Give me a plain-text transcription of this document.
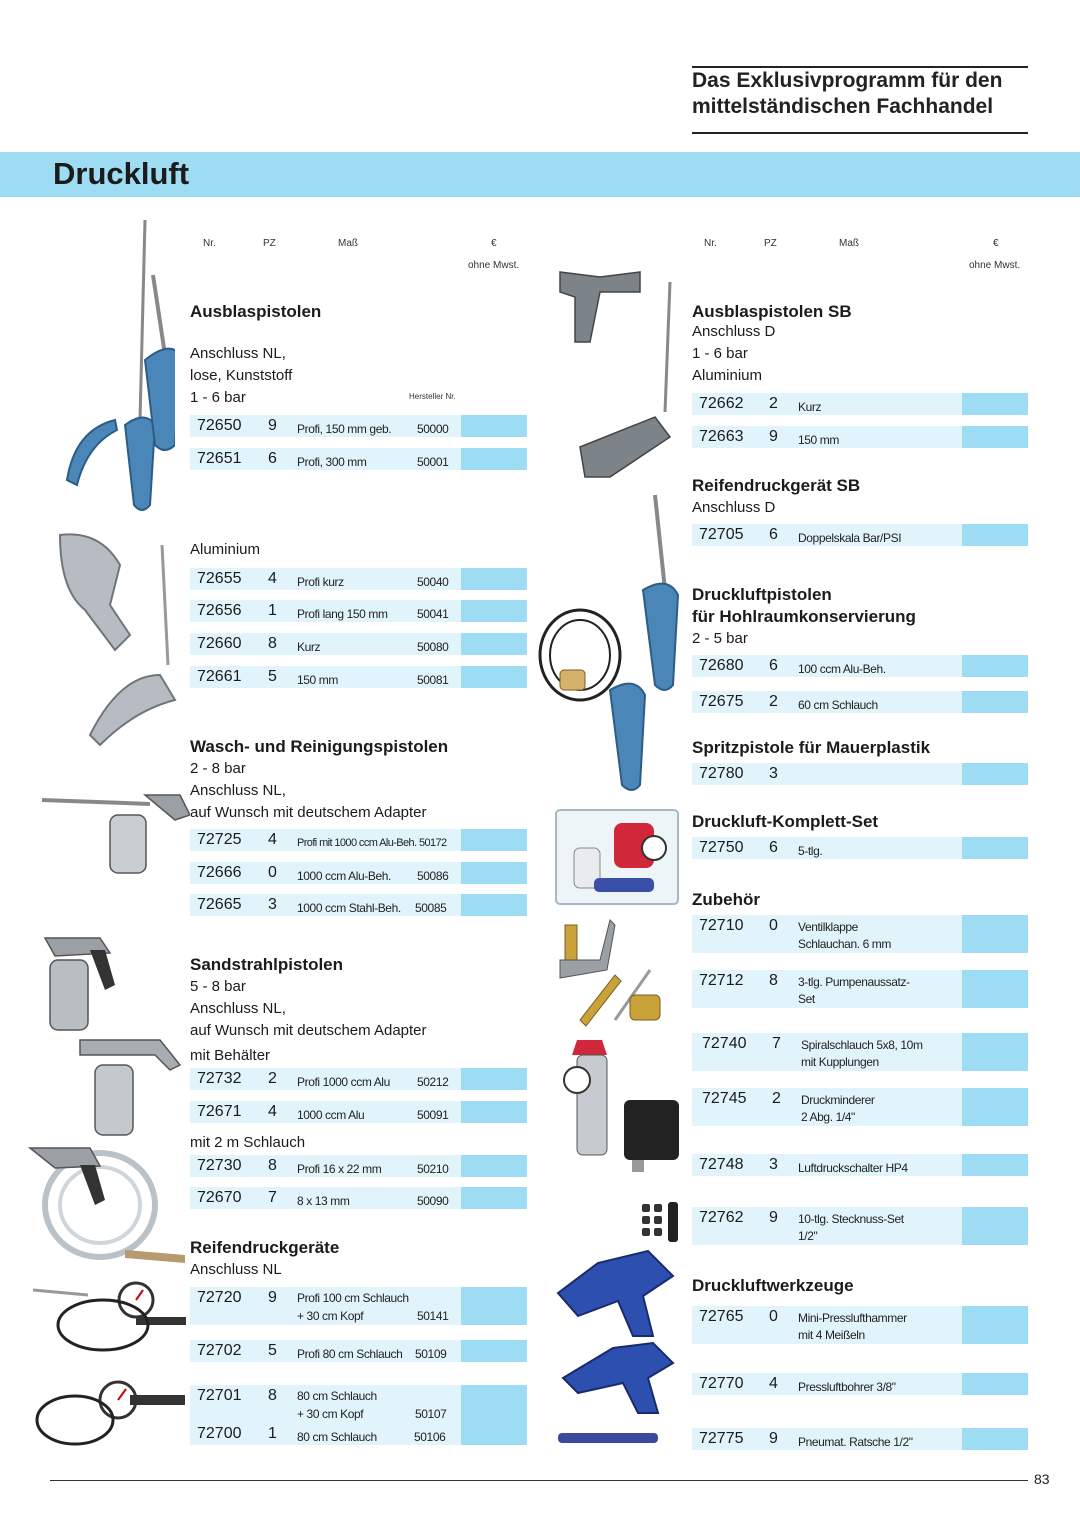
Das Exklusivprogramm für den
mittelständischen Fachhandel
Druckluft
Nr.	PZ	Maß	€
ohne Mwst.
Nr.	PZ	Maß	€
ohne Mwst.
Ausblaspistolen
Anschluss NL,
lose, Kunststoff
1 - 6 bar	Hersteller Nr.
72650 9 Profi, 150 mm geb. 50000
72651 6 Profi, 300 mm	50001
Aluminium
72655 4 Profi kurz	50040
72656 1 Profi lang 150 mm 50041
72660 8 Kurz	50080
72661 5 150 mm	50081
Wasch- und Reinigungspistolen
2 - 8 bar
Anschluss NL,
auf Wunsch mit deutschem Adapter
72725 4 Profi mit 1000 ccm Alu-Beh. 50172
72666 0 1000 ccm Alu-Beh. 50086
72665 3 1000 ccm Stahl-Beh. 50085
Sandstrahlpistolen
5 - 8 bar
Anschluss NL,
auf Wunsch mit deutschem Adapter
mit Behälter
72732 2 Profi 1000 ccm Alu 50212
72671 4 1000 ccm Alu	50091
mit 2 m Schlauch
72730 8 Profi 16 x 22 mm	50210
72670 7 8 x 13 mm	50090
Reifendruckgeräte
Anschluss NL
72720 9 Profi 100 cm Schlauch
+ 30 cm Kopf	50141
72702 5 Profi 80 cm Schlauch 50109
72701 8 80 cm Schlauch
+ 30 cm Kopf	50107
72700 1 80 cm Schlauch	50106
Ausblaspistolen SB
Anschluss D
1 - 6 bar
Aluminium
72662 2 Kurz
72663 9 150 mm
Reifendruckgerät SB
Anschluss D
72705 6 Doppelskala Bar/PSI
Druckluftpistolen
für Hohlraumkonservierung
2 - 5 bar
72680 6 100 ccm Alu-Beh.
72675 2 60 cm Schlauch
Spritzpistole für Mauerplastik
72780 3
Druckluft-Komplett-Set
72750 6 5-tlg.
Zubehör
72710 0 Ventilklappe
Schlauchan. 6 mm
72712 8 3-tlg. Pumpenaussatz-
Set
72740 7 Spiralschlauch 5x8, 10m
mit Kupplungen
72745 2 Druckminderer
2 Abg. 1/4"
72748 3 Luftdruckschalter HP4
72762 9 10-tlg. Stecknuss-Set
1/2"
Druckluftwerkzeuge
72765 0 Mini-Presslufthammer
mit 4 Meißeln
72770 4 Pressluftbohrer 3/8"
72775 9 Pneumat. Ratsche 1/2"
83
